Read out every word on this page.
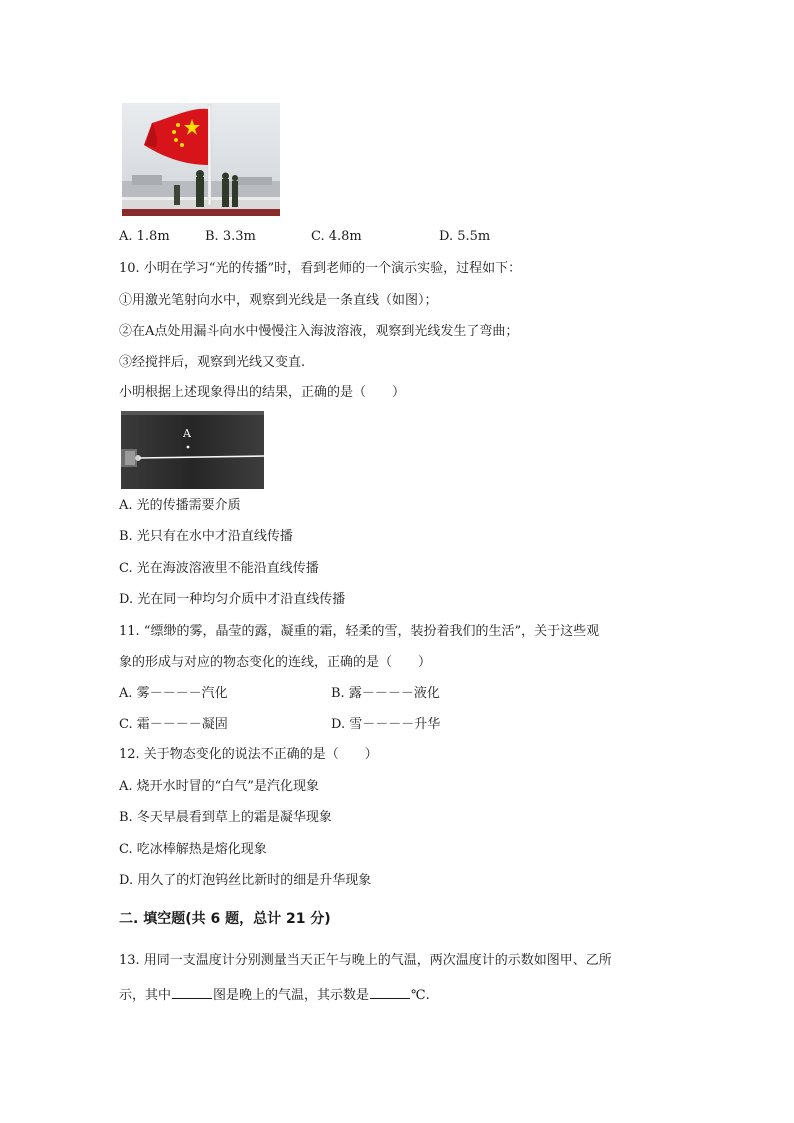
A. 1.8m	B. 3.3m	C. 4.8m	D. 5.5m
10. 小明在学习“光的传播”时，看到老师的一个演示实验，过程如下：
①用激光笔射向水中，观察到光线是一条直线（如图）；
②在A点处用漏斗向水中慢慢注入海波溶液，观察到光线发生了弯曲；
③经搅拌后，观察到光线又变直.
小明根据上述现象得出的结果，正确的是（　　）
A
A. 光的传播需要介质
B. 光只有在水中才沿直线传播
C. 光在海波溶液里不能沿直线传播
D. 光在同一种均匀介质中才沿直线传播
11. “缥缈的雾，晶莹的露，凝重的霜，轻柔的雪，装扮着我们的生活”，关于这些观
象的形成与对应的物态变化的连线，正确的是（　　）
A. 雾－－－－汽化	B. 露－－－－液化
C. 霜－－－－凝固	D. 雪－－－－升华
12. 关于物态变化的说法不正确的是（　　）
A. 烧开水时冒的“白气”是汽化现象
B. 冬天早晨看到草上的霜是凝华现象
C. 吃冰棒解热是熔化现象
D. 用久了的灯泡钨丝比新时的细是升华现象
二. 填空题(共 6 题，总计 21 分)
13. 用同一支温度计分别测量当天正午与晚上的气温，两次温度计的示数如图甲、乙所
示，其中	图是晚上的气温，其示数是	℃.
